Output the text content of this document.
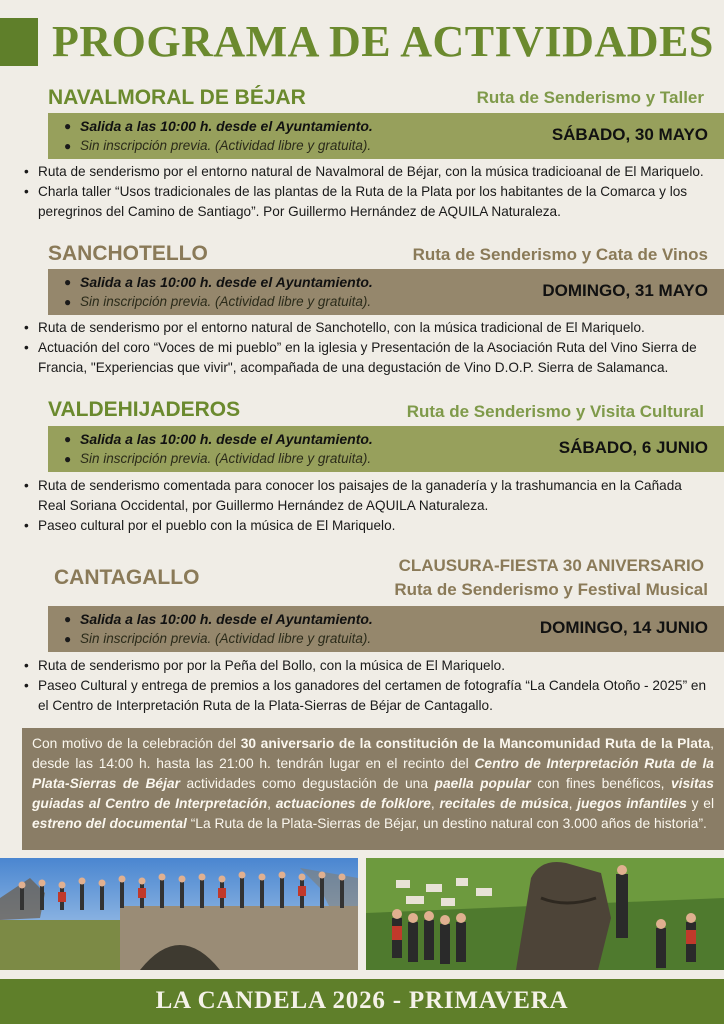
PROGRAMA DE ACTIVIDADES
NAVALMORAL DE BÉJAR	Ruta de Senderismo y Taller
● Salida a las 10:00 h. desde el Ayuntamiento.
● Sin inscripción previa. (Actividad libre y gratuita).
SÁBADO, 30 MAYO
• Ruta de senderismo por el entorno natural de Navalmoral de Béjar, con la música tradicioanal de El Mariquelo.
• Charla taller “Usos tradicionales de las plantas de la Ruta de la Plata por los habitantes de la Comarca y los peregrinos del Camino de Santiago”. Por Guillermo Hernández de AQUILA Naturaleza.
SANCHOTELLO	Ruta de Senderismo y Cata de Vinos
● Salida a las 10:00 h. desde el Ayuntamiento.
● Sin inscripción previa. (Actividad libre y gratuita).
DOMINGO, 31 MAYO
• Ruta de senderismo por el entorno natural de Sanchotello, con la música tradicional de El Mariquelo.
• Actuación del coro “Voces de mi pueblo” en la iglesia y Presentación de la Asociación Ruta del Vino Sierra de Francia, "Experiencias que vivir", acompañada de una degustación de Vino D.O.P. Sierra de Salamanca.
VALDEHIJADEROS	Ruta de Senderismo y Visita Cultural
● Salida a las 10:00 h. desde el Ayuntamiento.
● Sin inscripción previa. (Actividad libre y gratuita).
SÁBADO, 6 JUNIO
• Ruta de senderismo comentada para conocer los paisajes de la ganadería y la trashumancia en la Cañada Real Soriana Occidental, por Guillermo Hernández de AQUILA Naturaleza.
• Paseo cultural por el pueblo con la música de El Mariquelo.
CLAUSURA-FIESTA 30 ANIVERSARIO
CANTAGALLO
Ruta de Senderismo y Festival Musical
● Salida a las 10:00 h. desde el Ayuntamiento.
● Sin inscripción previa. (Actividad libre y gratuita).
DOMINGO, 14 JUNIO
• Ruta de senderismo por por la Peña del Bollo, con la música de El Mariquelo.
• Paseo Cultural y entrega de premios a los ganadores del certamen de fotografía “La Candela Otoño - 2025” en el Centro de Interpretación Ruta de la Plata-Sierras de Béjar de Cantagallo.

Con motivo de la celebración del 30 aniversario de la constitución de la Mancomunidad Ruta de la Plata, desde las 14:00 h. hasta las 21:00 h. tendrán lugar en el recinto del Centro de Interpretación Ruta de la Plata-Sierras de Béjar actividades como degustación de una paella popular con fines benéficos, visitas guiadas al Centro de Interpretación, actuaciones de folklore, recitales de música, juegos infantiles y el estreno del documental “La Ruta de la Plata-Sierras de Béjar, un destino natural con 3.000 años de historia”.

LA CANDELA 2026 - PRIMAVERA
